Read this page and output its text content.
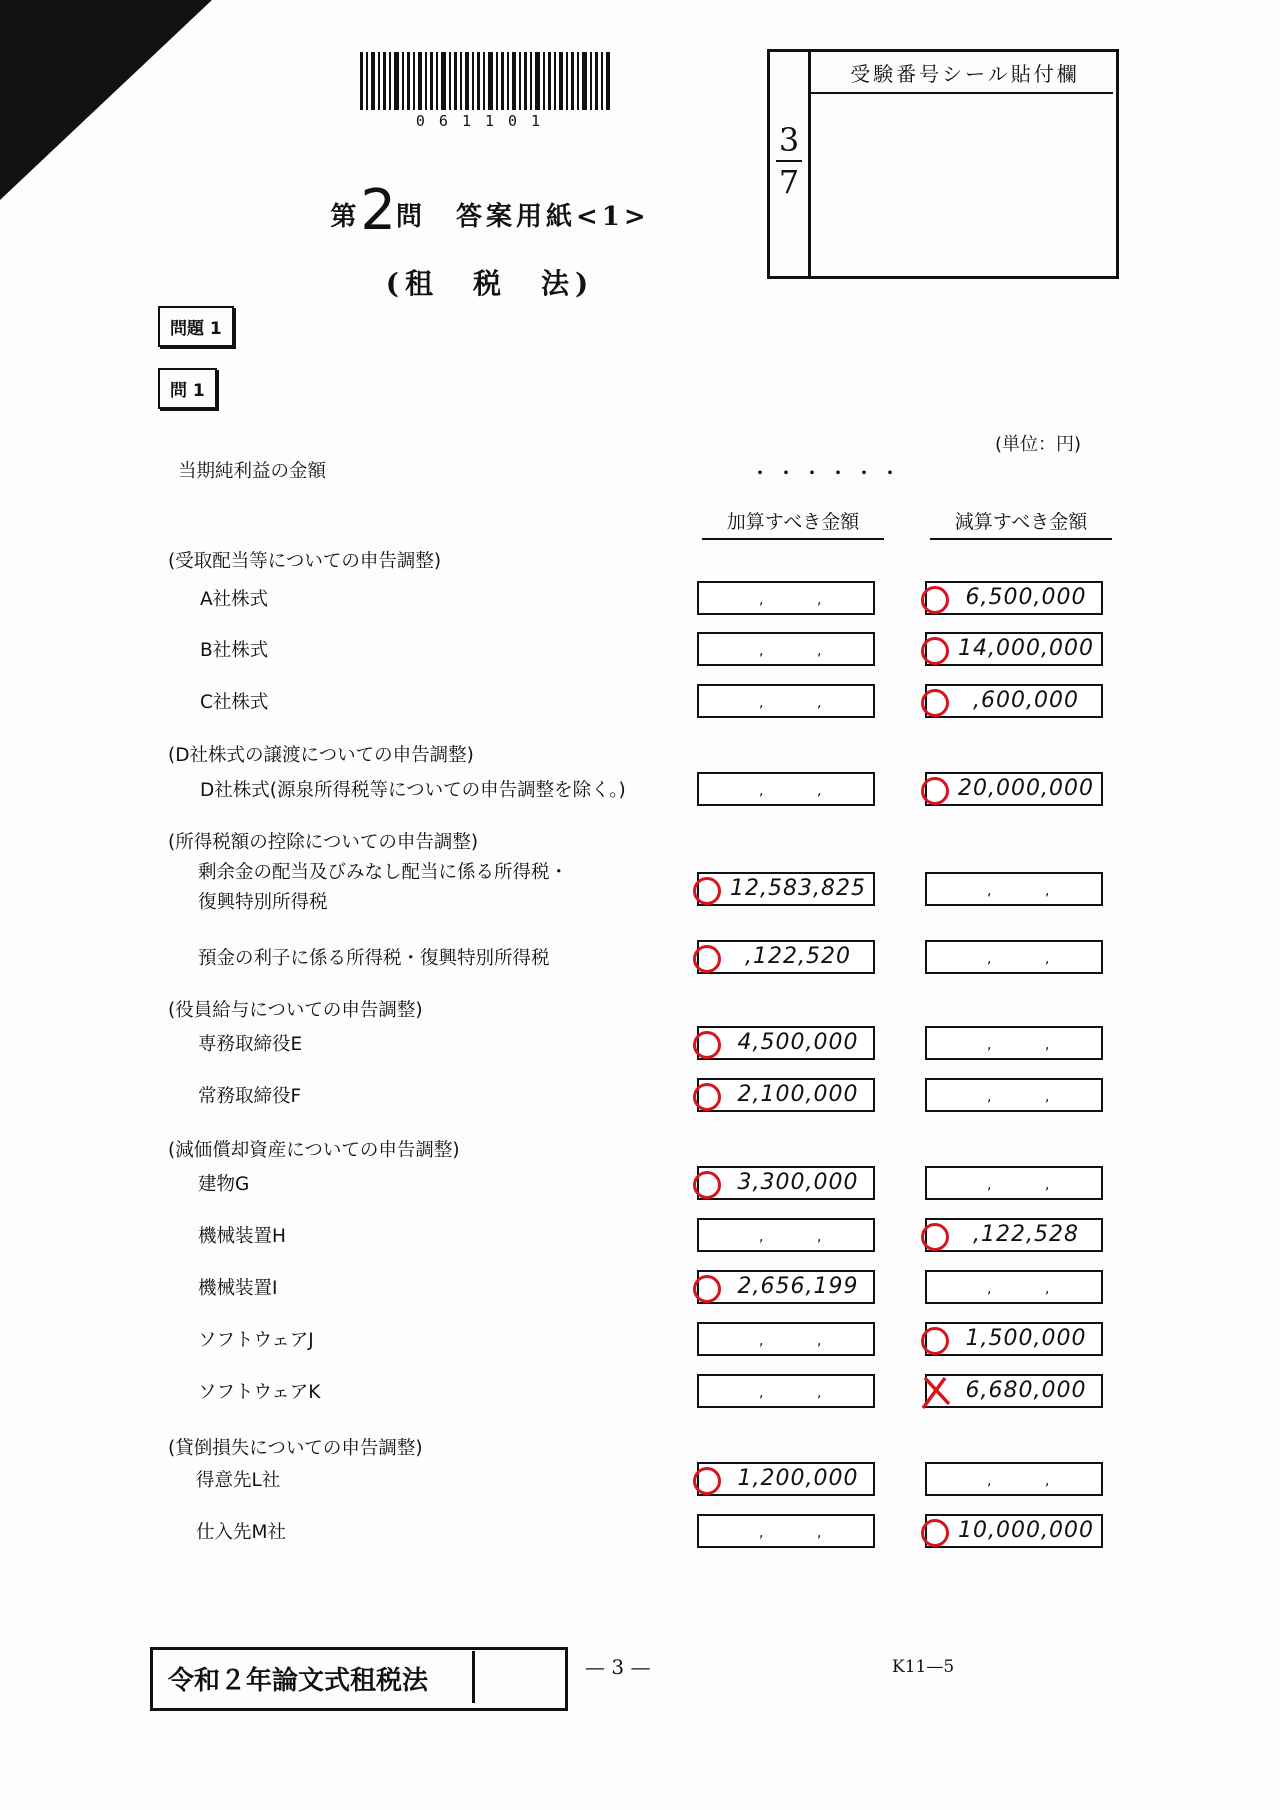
061101
受験番号シール貼付欄
3
7
第2問　答案用紙<1>
(租　税　法)
問題 1
問 1
(単位：円)
当期純利益の金額	・・・・・・
加算すべき金額	減算すべき金額
(受取配当等についての申告調整)
(D社株式の譲渡についての申告調整)
(所得税額の控除についての申告調整)
(役員給与についての申告調整)
(減価償却資産についての申告調整)
(貸倒損失についての申告調整)
A社株式	,	,	6,500,000
B社株式	,	,	14,000,000
C社株式	,	,	,600,000
D社株式(源泉所得税等についての申告調整を除く。)	,	,	20,000,000
剰余金の配当及びみなし配当に係る所得税・
復興特別所得税
12,583,825	,	,
預金の利子に係る所得税・復興特別所得税	,122,520	,	,
専務取締役E	4,500,000	,	,
常務取締役F	2,100,000	,	,
建物G	3,300,000	,	,
機械装置H	,	,	,122,528
機械装置I	2,656,199	,	,
ソフトウェアJ	,	,	1,500,000
ソフトウェアK	,	,	6,680,000
得意先L社	1,200,000	,	,
仕入先M社	,	,	10,000,000
令和２年論文式租税法	— 3 —	K11—5
